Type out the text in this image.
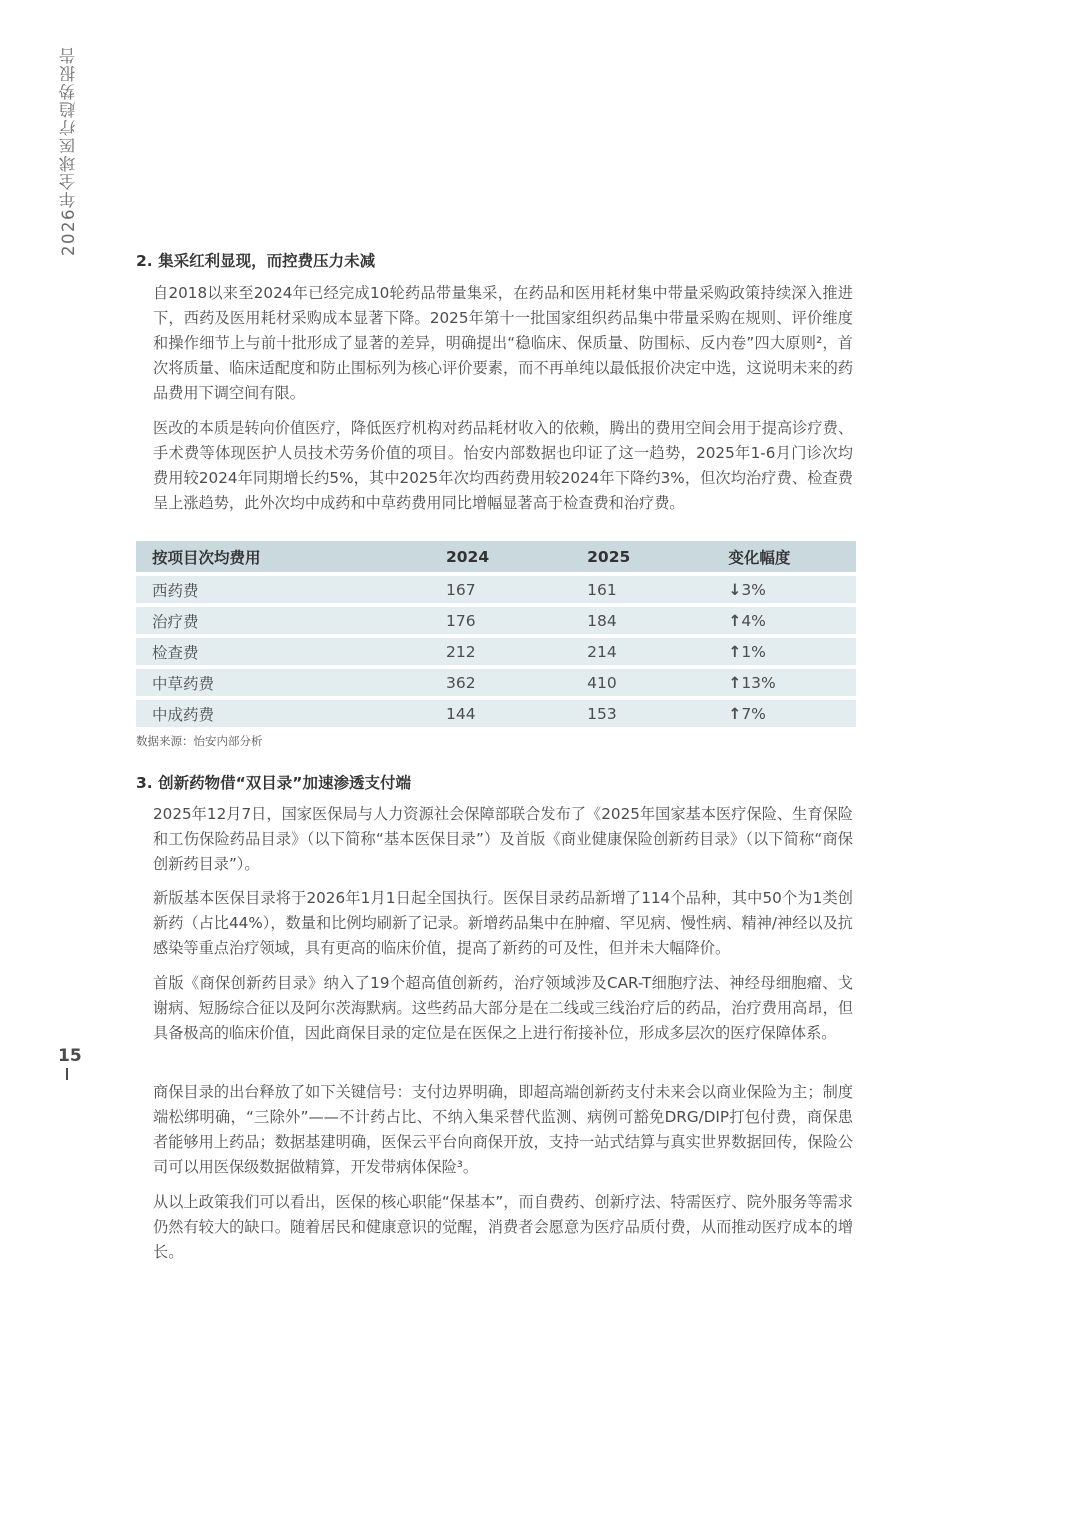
2026年全球医疗趋势报告
15
2. 集采红利显现，而控费压力未减

自2018以来至2024年已经完成10轮药品带量集采，在药品和医用耗材集中带量采购政策持续深入推进下，西药及医用耗材采购成本显著下降。2025年第十一批国家组织药品集中带量采购在规则、评价维度和操作细节上与前十批形成了显著的差异，明确提出“稳临床、保质量、防围标、反内卷”四大原则²，首次将质量、临床适配度和防止围标列为核心评价要素，而不再单纯以最低报价决定中选，这说明未来的药品费用下调空间有限。

医改的本质是转向价值医疗，降低医疗机构对药品耗材收入的依赖，腾出的费用空间会用于提高诊疗费、手术费等体现医护人员技术劳务价值的项目。怡安内部数据也印证了这一趋势，2025年1-6月门诊次均费用较2024年同期增长约5%，其中2025年次均西药费用较2024年下降约3%，但次均治疗费、检查费呈上涨趋势，此外次均中成药和中草药费用同比增幅显著高于检查费和治疗费。

按项目次均费用	2024	2025	变化幅度
西药费	167	161	↓3%
治疗费	176	184	↑4%
检查费	212	214	↑1%
中草药费	362	410	↑13%
中成药费	144	153	↑7%
数据来源：怡安内部分析
3. 创新药物借“双目录”加速渗透支付端

2025年12月7日，国家医保局与人力资源社会保障部联合发布了《2025年国家基本医疗保险、生育保险和工伤保险药品目录》（以下简称“基本医保目录”）及首版《商业健康保险创新药目录》（以下简称“商保创新药目录”）。

新版基本医保目录将于2026年1月1日起全国执行。医保目录药品新增了114个品种，其中50个为1类创新药（占比44%），数量和比例均刷新了记录。新增药品集中在肿瘤、罕见病、慢性病、精神/神经以及抗感染等重点治疗领域，具有更高的临床价值，提高了新药的可及性，但并未大幅降价。

首版《商保创新药目录》纳入了19个超高值创新药，治疗领域涉及CAR-T细胞疗法、神经母细胞瘤、戈谢病、短肠综合征以及阿尔茨海默病。这些药品大部分是在二线或三线治疗后的药品，治疗费用高昂，但具备极高的临床价值，因此商保目录的定位是在医保之上进行衔接补位，形成多层次的医疗保障体系。

商保目录的出台释放了如下关键信号：支付边界明确，即超高端创新药支付未来会以商业保险为主；制度端松绑明确，“三除外”——不计药占比、不纳入集采替代监测、病例可豁免DRG/DIP打包付费，商保患者能够用上药品；数据基建明确，医保云平台向商保开放，支持一站式结算与真实世界数据回传，保险公司可以用医保级数据做精算，开发带病体保险³。

从以上政策我们可以看出，医保的核心职能“保基本”，而自费药、创新疗法、特需医疗、院外服务等需求仍然有较大的缺口。随着居民和健康意识的觉醒，消费者会愿意为医疗品质付费，从而推动医疗成本的增长。
